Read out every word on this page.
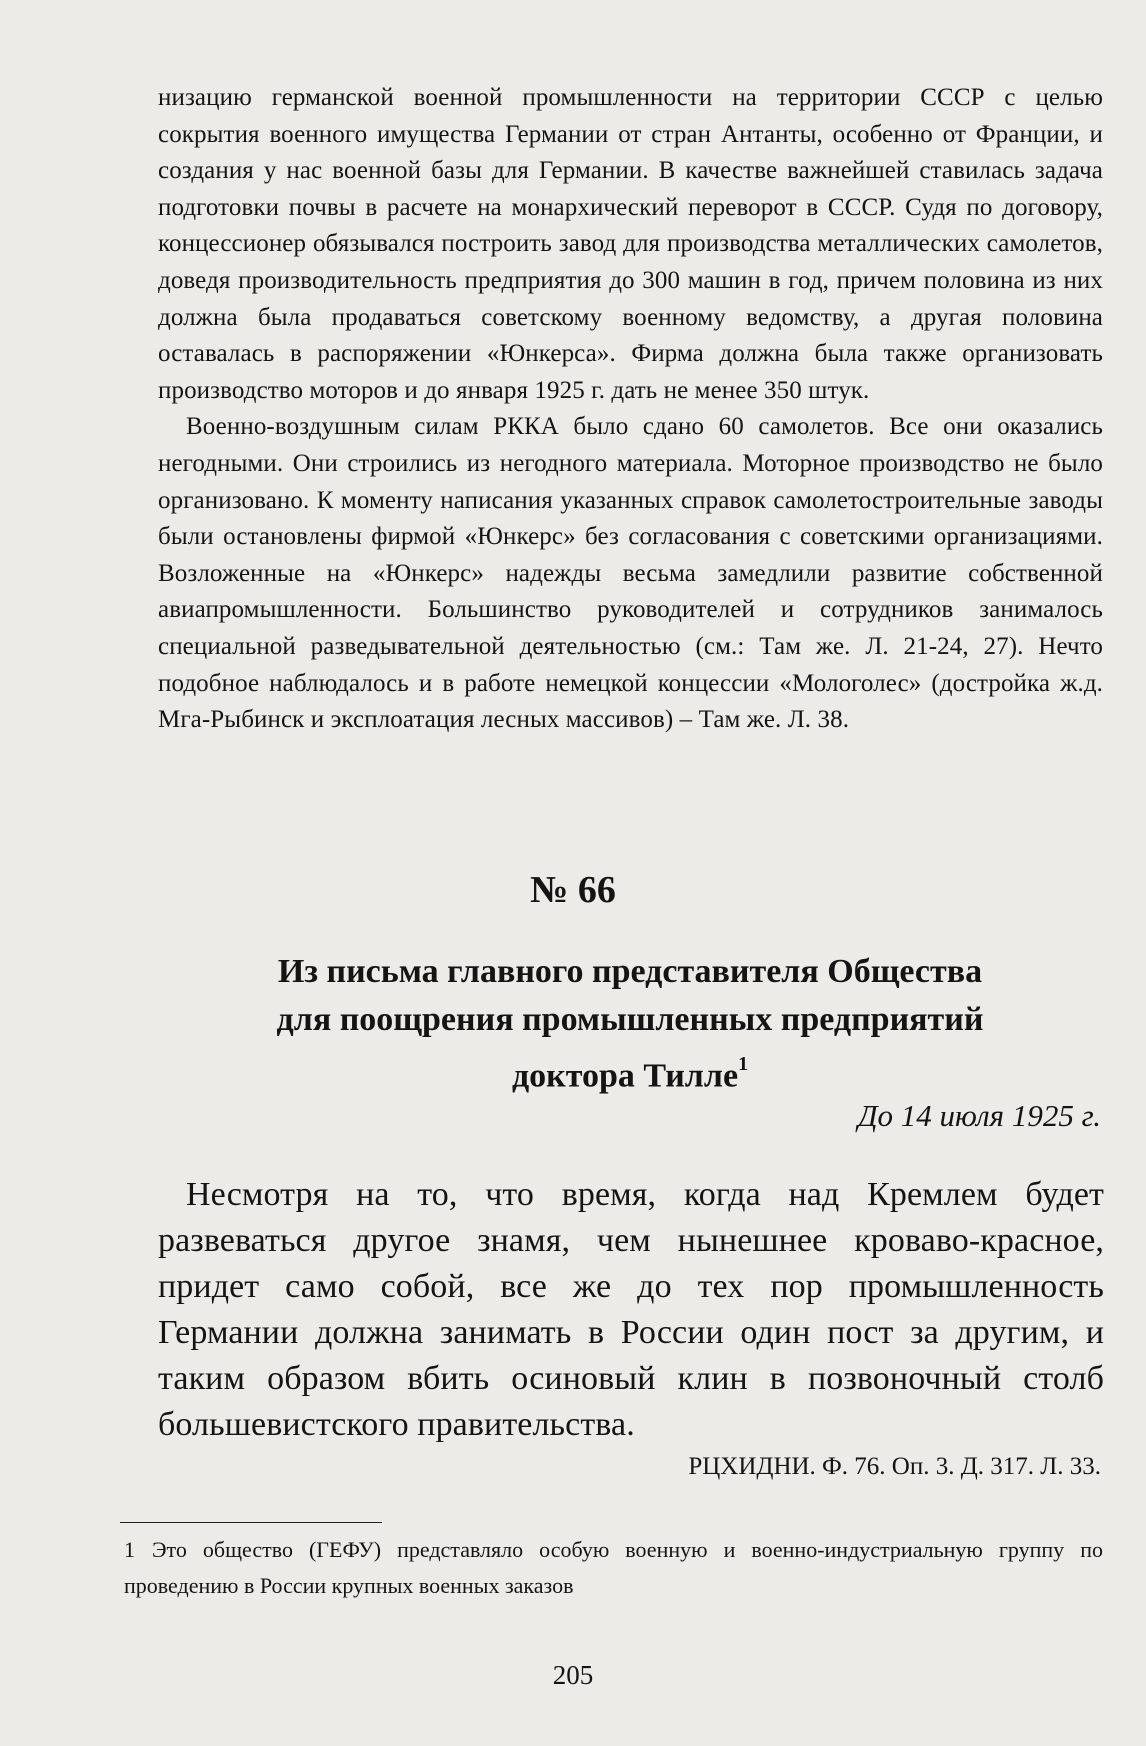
низацию германской военной промышленности на территории СССР с целью сокрытия военного имущества Германии от стран Антанты, особенно от Франции, и создания у нас военной базы для Германии. В качестве важнейшей ставилась задача подготовки почвы в расчете на монархический переворот в СССР. Судя по договору, концессионер обязывался построить завод для производства металлических самолетов, доведя производительность предприятия до 300 машин в год, причем половина из них должна была продаваться советскому военному ведомству, а другая половина оставалась в распоряжении «Юнкерса». Фирма должна была также организовать производство моторов и до января 1925 г. дать не менее 350 штук.

Военно-воздушным силам РККА было сдано 60 самолетов. Все они оказались негодными. Они строились из негодного материала. Моторное производство не было организовано. К моменту написания указанных справок самолетостроительные заводы были остановлены фирмой «Юнкерс» без согласования с советскими организациями. Возложенные на «Юнкерс» надежды весьма замедлили развитие собственной авиапромышленности. Большинство руководителей и сотрудников занималось специальной разведывательной деятельностью (см.: Там же. Л. 21-24, 27). Нечто подобное наблюдалось и в работе немецкой концессии «Мологолес» (достройка ж.д. Мга-Рыбинск и эксплоатация лесных массивов) – Там же. Л. 38.

№ 66
Из письма главного представителя Общества
для поощрения промышленных предприятий
доктора Тилле$^1$

До 14 июля 1925 г.

Несмотря на то, что время, когда над Кремлем будет развеваться другое знамя, чем нынешнее кроваво-красное, придет само собой, все же до тех пор промышленность Германии должна занимать в России один пост за другим, и таким образом вбить осиновый клин в позвоночный столб большевистского правительства.

РЦХИДНИ. Ф. 76. Оп. 3. Д. 317. Л. 33.

1 Это общество (ГЕФУ) представляло особую военную и военно-индустриальную группу по проведению в России крупных военных заказов

205
